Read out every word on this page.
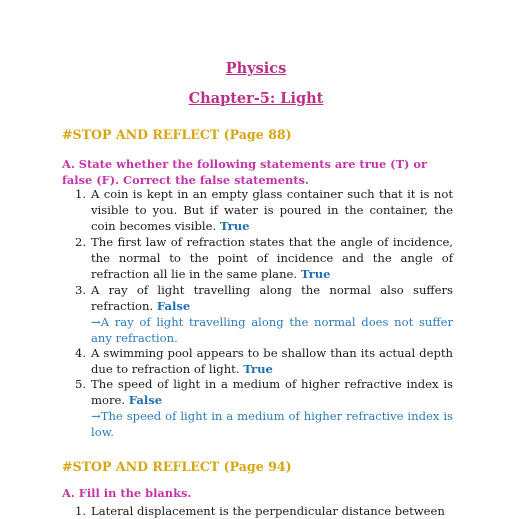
Physics
Chapter-5: Light
#STOP AND REFLECT (Page 88)
A. State whether the following statements are true (T) or false (F). Correct the false statements.
1. A coin is kept in an empty glass container such that it is not visible to you. But if water is poured in the container, the coin becomes visible. True
2. The first law of refraction states that the angle of incidence, the normal to the point of incidence and the angle of refraction all lie in the same plane. True
3. A ray of light travelling along the normal also suffers refraction. False
→A ray of light travelling along the normal does not suffer any refraction.
4. A swimming pool appears to be shallow than its actual depth due to refraction of light. True
5. The speed of light in a medium of higher refractive index is more. False
→The speed of light in a medium of higher refractive index is low.
#STOP AND REFLECT (Page 94)
A. Fill in the blanks.
1. Lateral displacement is the perpendicular distance between
